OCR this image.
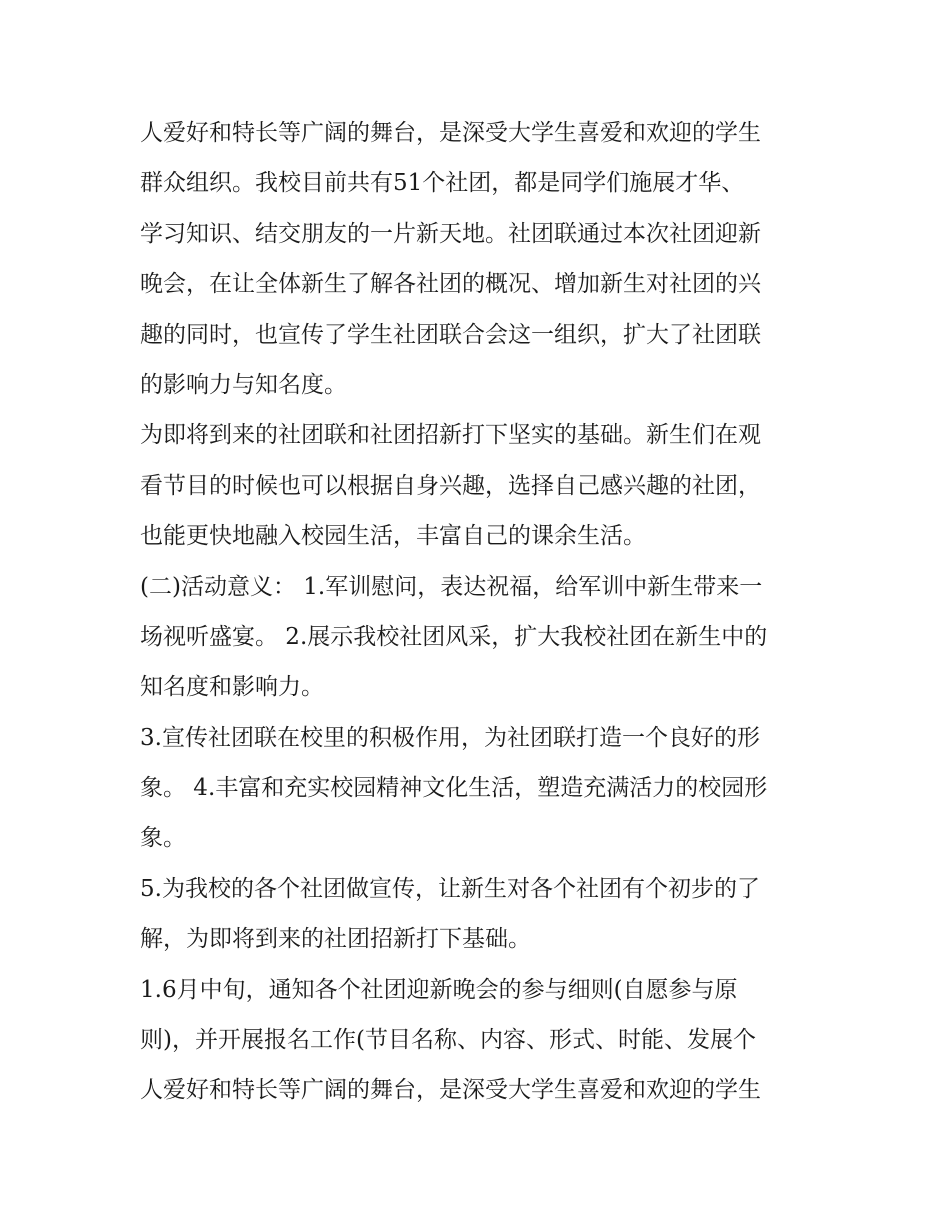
人爱好和特长等广阔的舞台，是深受大学生喜爱和欢迎的学生
群众组织。我校目前共有51个社团，都是同学们施展才华、
学习知识、结交朋友的一片新天地。社团联通过本次社团迎新
晚会，在让全体新生了解各社团的概况、增加新生对社团的兴
趣的同时，也宣传了学生社团联合会这一组织，扩大了社团联
的影响力与知名度。
为即将到来的社团联和社团招新打下坚实的基础。新生们在观
看节目的时候也可以根据自身兴趣，选择自己感兴趣的社团，
也能更快地融入校园生活，丰富自己的课余生活。
(二)活动意义： 1.军训慰问，表达祝福，给军训中新生带来一
场视听盛宴。 2.展示我校社团风采，扩大我校社团在新生中的
知名度和影响力。
3.宣传社团联在校里的积极作用，为社团联打造一个良好的形
象。 4.丰富和充实校园精神文化生活，塑造充满活力的校园形
象。
5.为我校的各个社团做宣传，让新生对各个社团有个初步的了
解，为即将到来的社团招新打下基础。
1.6月中旬，通知各个社团迎新晚会的参与细则(自愿参与原
则)，并开展报名工作(节目名称、内容、形式、时能、发展个
人爱好和特长等广阔的舞台，是深受大学生喜爱和欢迎的学生
